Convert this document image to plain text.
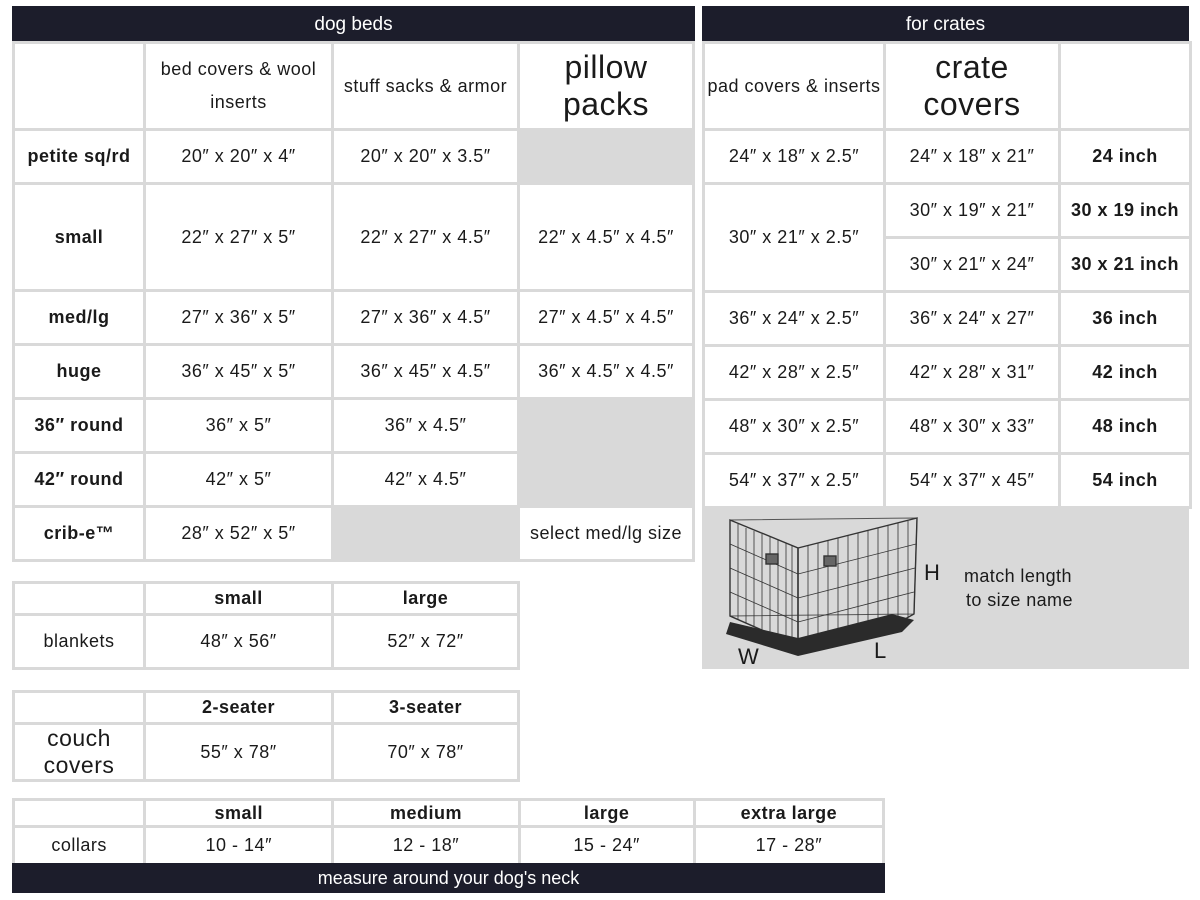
dog beds
	bed covers & wool inserts	stuff sacks & armor	pillow packs
petite sq/rd	20″ x 20″ x 4″	20″ x 20″ x 3.5″	
small	22″ x 27″ x 5″	22″ x 27″ x 4.5″	22″ x 4.5″ x 4.5″
med/lg	27″ x 36″ x 5″	27″ x 36″ x 4.5″	27″ x 4.5″ x 4.5″
huge	36″ x 45″ x 5″	36″ x 45″ x 4.5″	36″ x 4.5″ x 4.5″
36″ round	36″ x 5″	36″ x 4.5″	
42″ round	42″ x 5″	42″ x 4.5″	
crib-e™	28″ x 52″ x 5″		select med/lg size
for crates
pad covers & inserts	crate covers	
24″ x 18″ x 2.5″	24″ x 18″ x 21″	24 inch
30″ x 21″ x 2.5″	30″ x 19″ x 21″	30 x 19 inch
	30″ x 21″ x 24″	30 x 21 inch
36″ x 24″ x 2.5″	36″ x 24″ x 27″	36 inch
42″ x 28″ x 2.5″	42″ x 28″ x 31″	42 inch
48″ x 30″ x 2.5″	48″ x 30″ x 33″	48 inch
54″ x 37″ x 2.5″	54″ x 37″ x 45″	54 inch
H
W	L
match length
to size name
	small	large
blankets	48″ x 56″	52″ x 72″
	2-seater	3-seater

couch
covers	55″ x 78″	70″ x 78″
	small	medium	large	extra large
collars	10 - 14″	12 - 18″	15 - 24″	17 - 28″
measure around your dog's neck
